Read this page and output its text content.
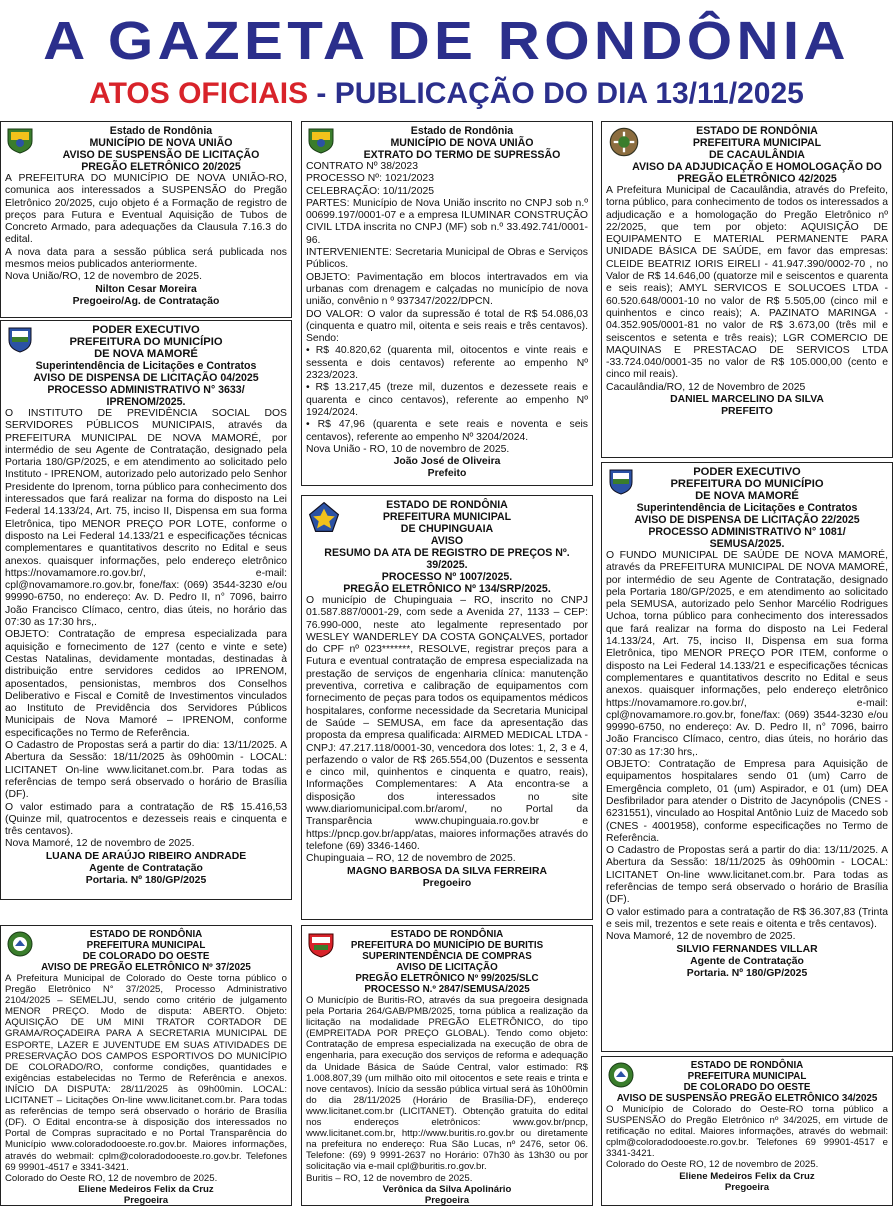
A GAZETA DE RONDÔNIA
ATOS OFICIAIS - PUBLICAÇÃO DO DIA 13/11/2025
Estado de Rondônia
MUNICÍPIO DE NOVA UNIÃO
AVISO DE SUSPENSÃO DE LICITAÇÃO
PREGÃO ELETRÔNICO 20/2025

A PREFEITURA DO MUNICÍPIO DE NOVA UNIÃO-RO, comunica aos interessados a SUSPENSÃO do Pregão Eletrônico 20/2025, cujo objeto é a Formação de registro de preços para Futura e Eventual Aquisição de Tubos de Concreto Armado, para adequações da Clausula 7.16.3 do edital.

A nova data para a sessão pública será publicada nos mesmos meios publicados anteriormente.

Nova União/RO, 12 de novembro de 2025.

Nilton Cesar Moreira
Pregoeiro/Ag. de Contratação
PODER EXECUTIVO
PREFEITURA DO MUNICÍPIO
DE NOVA MAMORÉ
Superintendência de Licitações e Contratos
AVISO DE DISPENSA DE LICITAÇÃO 04/2025
PROCESSO ADMINISTRATIVO N° 3633/
IPRENOM/2025.

O INSTITUTO DE PREVIDÊNCIA SOCIAL DOS SERVIDORES PÚBLICOS MUNICIPAIS, através da PREFEITURA MUNICIPAL DE NOVA MAMORÉ, por intermédio de seu Agente de Contratação, designado pela Portaria 180/GP/2025, e em atendimento ao solicitado pelo Instituto - IPRENOM, autorizado pelo autorizado pelo Senhor Presidente do Iprenom, torna público para conhecimento dos interessados que fará realizar na forma do disposto na Lei Federal 14.133/24, Art. 75, inciso II, Dispensa em sua forma Eletrônica, tipo MENOR PREÇO POR LOTE, conforme o disposto na Lei Federal 14.133/21 e especificações técnicas complementares e quantitativos descrito no Edital e seus anexos. quaisquer informações, pelo endereço eletrônico https://novamamore.ro.gov.br/, e-mail: cpl@novamamore.ro.gov.br, fone/fax: (069) 3544-3230 e/ou 99990-6750, no endereço: Av. D. Pedro II, n° 7096, bairro João Francisco Clímaco, centro, dias úteis, no horário das 07:30 as 17:30 hrs,.

OBJETO: Contratação de empresa especializada para aquisição e fornecimento de 127 (cento e vinte e sete) Cestas Natalinas, devidamente montadas, destinadas à distribuição entre servidores cedidos ao IPRENOM, aposentados, pensionistas, membros dos Conselhos Deliberativo e Fiscal e Comitê de Investimentos vinculados ao Instituto de Previdência dos Servidores Públicos Municipais de Nova Mamoré – IPRENOM, conforme especificações no Termo de Referência.

O Cadastro de Propostas será a partir do dia: 13/11/2025. A Abertura da Sessão: 18/11/2025 às 09h00min - LOCAL: LICITANET On-line www.licitanet.com.br. Para todas as referências de tempo será observado o horário de Brasília (DF).

O valor estimado para a contratação de R$ 15.416,53 (Quinze mil, quatrocentos e dezesseis reais e cinquenta e três centavos).

Nova Mamoré, 12 de novembro de 2025.

LUANA DE ARAÚJO RIBEIRO ANDRADE
Agente de Contratação
Portaria. Nº 180/GP/2025
ESTADO DE RONDÔNIA
PREFEITURA MUNICIPAL
DE COLORADO DO OESTE
AVISO DE PREGÃO ELETRÔNICO Nº 37/2025

A Prefeitura Municipal de Colorado do Oeste torna público o Pregão Eletrônico N° 37/2025, Processo Administrativo 2104/2025 – SEMELJU, sendo como critério de julgamento MENOR PREÇO. Modo de disputa: ABERTO. Objeto: AQUISIÇÃO DE UM MINI TRATOR CORTADOR DE GRAMA/ROÇADEIRA PARA A SECRETARIA MUNICIPAL DE ESPORTE, LAZER E JUVENTUDE EM SUAS ATIVIDADES DE PRESERVAÇÃO DOS CAMPOS ESPORTIVOS DO MUNICÍPIO DE COLORADO/RO, conforme condições, quantidades e exigências estabelecidas no Termo de Referência e anexos. INÍCIO DA DISPUTA: 28/11/2025 às 09h00min. LOCAL: LICITANET – Licitações On-line www.licitanet.com.br. Para todas as referências de tempo será observado o horário de Brasília (DF). O Edital encontra-se à disposição dos interessados no Portal de Compras supracitado e no Portal Transparência do Município www.coloradodooeste.ro.gov.br. Maiores informações, através do webmail: cplm@coloradodooeste.ro.gov.br. Telefones 69 99901-4517 e 3341-3421.

Colorado do Oeste RO, 12 de novembro de 2025.

Eliene Medeiros Felix da Cruz
Pregoeira
Estado de Rondônia
MUNICÍPIO DE NOVA UNIÃO
EXTRATO DO TERMO DE SUPRESSÃO
CONTRATO Nº 38/2023
PROCESSO Nº: 1021/2023
CELEBRAÇÃO: 10/11/2025

PARTES: Município de Nova União inscrito no CNPJ sob n.º 00699.197/0001-07 e a empresa ILUMINAR CONSTRUÇÃO CIVIL LTDA inscrita no CNPJ (MF) sob n.º 33.492.741/0001-96.

INTERVENIENTE: Secretaria Municipal de Obras e Serviços Públicos.

OBJETO: Pavimentação em blocos intertravados em via urbanas com drenagem e calçadas no município de nova união, convênio n º 937347/2022/DPCN.

DO VALOR: O valor da supressão é total de R$ 54.086,03 (cinquenta e quatro mil, oitenta e seis reais e três centavos). Sendo:

• R$ 40.820,62 (quarenta mil, oitocentos e vinte reais e sessenta e dois centavos) referente ao empenho Nº 2323/2023.

• R$ 13.217,45 (treze mil, duzentos e dezessete reais e quarenta e cinco centavos), referente ao empenho Nº 1924/2024.

• R$ 47,96 (quarenta e sete reais e noventa e seis centavos), referente ao empenho Nº 3204/2024.

Nova União - RO, 10 de novembro de 2025.

João José de Oliveira
Prefeito
ESTADO DE RONDÔNIA
PREFEITURA MUNICIPAL
DE CHUPINGUAIA
AVISO
RESUMO DA ATA DE REGISTRO DE PREÇOS Nº. 39/2025.
PROCESSO Nº 1007/2025.
PREGÃO ELETRÔNICO Nº 134/SRP/2025.

O município de Chupinguaia – RO, inscrito no CNPJ 01.587.887/0001-29, com sede a Avenida 27, 1133 – CEP: 76.990-000, neste ato legalmente representado por WESLEY WANDERLEY DA COSTA GONÇALVES, portador do CPF nº 023*******, RESOLVE, registrar preços para a Futura e eventual contratação de empresa especializada na prestação de serviços de engenharia clínica: manutenção preventiva, corretiva e calibração de equipamentos com fornecimento de peças para todos os equipamentos médicos hospitalares, conforme necessidade da Secretaria Municipal de Saúde – SEMUSA, em face da apresentação das proposta da empresa qualificada: AIRMED MEDICAL LTDA -CNPJ: 47.217.118/0001-30, vencedora dos lotes: 1, 2, 3 e 4, perfazendo o valor de R$ 265.554,00 (Duzentos e sessenta e cinco mil, quinhentos e cinquenta e quatro, reais), Informações Complementares: A Ata encontra-se a disposição dos interessados no site www.diariomunicipal.com.br/arom/, no Portal da Transparência www.chupinguaia.ro.gov.br e https://pncp.gov.br/app/atas, maiores informações através do telefone (69) 3346-1460.

Chupinguaia – RO, 12 de novembro de 2025.

MAGNO BARBOSA DA SILVA FERREIRA
Pregoeiro
ESTADO DE RONDÔNIA
PREFEITURA DO MUNICÍPIO DE BURITIS
SUPERINTENDÊNCIA DE COMPRAS
AVISO DE LICITAÇÃO
PREGÃO ELETRÔNICO Nº 99/2025/SLC
PROCESSO N.º 2847/SEMUSA/2025

O Município de Buritis-RO, através da sua pregoeira designada pela Portaria 264/GAB/PMB/2025, torna pública a realização da licitação na modalidade PREGÃO ELETRÔNICO, do tipo (EMPREITADA POR PREÇO GLOBAL). Tendo como objeto: Contratação de empresa especializada na execução de obra de engenharia, para execução dos serviços de reforma e adequação da Unidade Básica de Saúde Central, valor estimado: R$ 1.008.807,39 (um milhão oito mil oitocentos e sete reais e trinta e nove centavos). Início da sessão pública virtual será às 10h00min do dia 28/11/2025 (Horário de Brasília-DF), endereço www.licitanet.com.br (LICITANET). Obtenção gratuita do edital nos endereços eletrônicos: www.gov.br/pncp, www.licitanet.com.br, http://www.buritis.ro.gov.br ou diretamente na prefeitura no endereço: Rua São Lucas, nº 2476, setor 06. Telefone: (69) 9 9991-2637 no Horário: 07h30 às 13h30 ou por solicitação via e-mail cpl@buritis.ro.gov.br.

Buritis – RO, 12 de novembro de 2025.

Verônica da Silva Apolinário
Pregoeira
ESTADO DE RONDÔNIA
PREFEITURA MUNICIPAL
DE CACAULÂNDIA
AVISO DA ADJUDICAÇÃO E HOMOLOGAÇÃO DO PREGÃO ELETRÔNICO 42/2025

A Prefeitura Municipal de Cacaulândia, através do Prefeito, torna público, para conhecimento de todos os interessados a adjudicação e a homologação do Pregão Eletrônico nº 22/2025, que tem por objeto: AQUISIÇÃO DE EQUIPAMENTO E MATERIAL PERMANENTE PARA UNIDADE BÁSICA DE SAÚDE, em favor das empresas: CLEIDE BEATRIZ IORIS EIRELI - 41.947.390/0002-70 , no Valor de R$ 14.646,00 (quatorze mil e seiscentos e quarenta e seis reais); AMYL SERVICOS E SOLUCOES LTDA - 60.520.648/0001-10 no valor de R$ 5.505,00 (cinco mil e quinhentos e cinco reais); A. PAZINATO MARINGA - 04.352.905/0001-81 no valor de R$ 3.673,00 (três mil e seiscentos e setenta e três reais); LGR COMERCIO DE MAQUINAS E PRESTACAO DE SERVICOS LTDA -33.724.040/0001-35 no valor de R$ 105.000,00 (cento e cinco mil reais).

Cacaulândia/RO, 12 de Novembro de 2025

DANIEL MARCELINO DA SILVA
PREFEITO
PODER EXECUTIVO
PREFEITURA DO MUNICÍPIO
DE NOVA MAMORÉ
Superintendência de Licitações e Contratos
AVISO DE DISPENSA DE LICITAÇÃO 22/2025
PROCESSO ADMINISTRATIVO N° 1081/
SEMUSA/2025.

O FUNDO MUNICIPAL DE SAÚDE DE NOVA MAMORÉ, através da PREFEITURA MUNICIPAL DE NOVA MAMORÉ, por intermédio de seu Agente de Contratação, designado pela Portaria 180/GP/2025, e em atendimento ao solicitado pela SEMUSA, autorizado pelo Senhor Marcélio Rodrigues Uchoa, torna público para conhecimento dos interessados que fará realizar na forma do disposto na Lei Federal 14.133/24, Art. 75, inciso II, Dispensa em sua forma Eletrônica, tipo MENOR PREÇO POR ITEM, conforme o disposto na Lei Federal 14.133/21 e especificações técnicas complementares e quantitativos descrito no Edital e seus anexos. quaisquer informações, pelo endereço eletrônico https://novamamore.ro.gov.br/, e-mail: cpl@novamamore.ro.gov.br, fone/fax: (069) 3544-3230 e/ou 99990-6750, no endereço: Av. D. Pedro II, n° 7096, bairro João Francisco Clímaco, centro, dias úteis, no horário das 07:30 as 17:30 hrs,.

OBJETO: Contratação de Empresa para Aquisição de equipamentos hospitalares sendo 01 (um) Carro de Emergência completo, 01 (um) Aspirador, e 01 (um) DEA Desfibrilador para atender o Distrito de Jacynópolis (CNES - 6231551), vinculado ao Hospital Antônio Luiz de Macedo sob (CNES - 4001958), conforme especificações no Termo de Referência.

O Cadastro de Propostas será a partir do dia: 13/11/2025. A Abertura da Sessão: 18/11/2025 às 09h00min - LOCAL: LICITANET On-line www.licitanet.com.br. Para todas as referências de tempo será observado o horário de Brasília (DF).

O valor estimado para a contratação de R$ 36.307,83 (Trinta e seis mil, trezentos e sete reais e oitenta e três centavos).

Nova Mamoré, 12 de novembro de 2025.

SILVIO FERNANDES VILLAR
Agente de Contratação
Portaria. Nº 180/GP/2025
ESTADO DE RONDÔNIA
PREFEITURA MUNICIPAL
DE COLORADO DO OESTE
AVISO DE SUSPENSÃO PREGÃO ELETRÔNICO 34/2025

O Município de Colorado do Oeste-RO torna público a SUSPENSÃO do Pregão Eletrônico nº 34/2025, em virtude de retificação no edital. Maiores informações, através do webmail: cplm@coloradodooeste.ro.gov.br. Telefones 69 99901-4517 e 3341-3421.

Colorado do Oeste RO, 12 de novembro de 2025.

Eliene Medeiros Felix da Cruz
Pregoeira
